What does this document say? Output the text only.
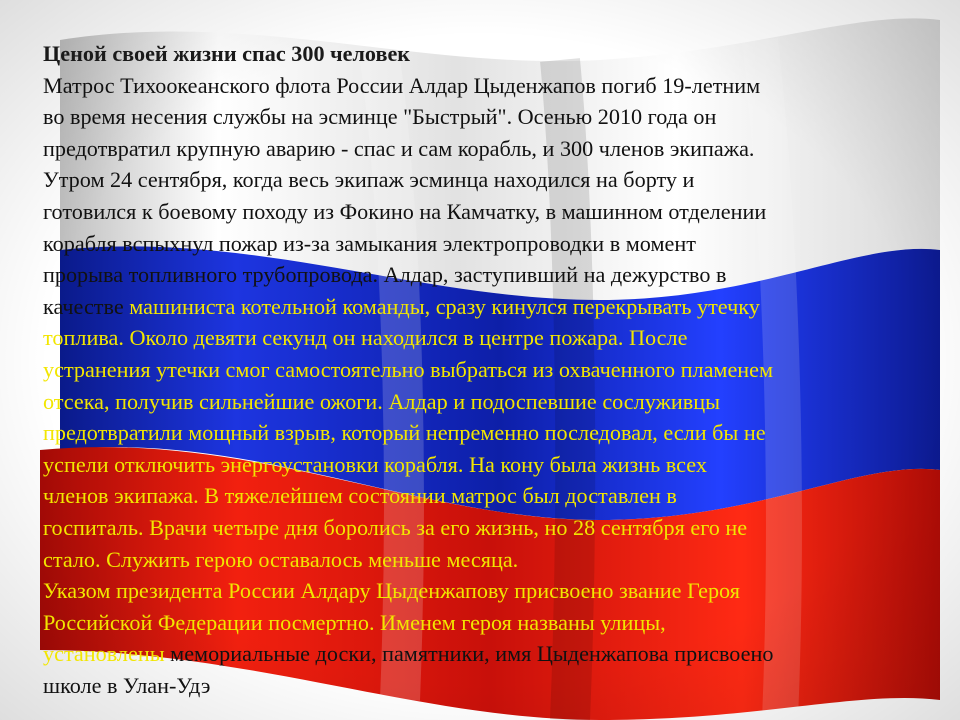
Ценой своей жизни спас 300 человек
Матрос Тихоокеанского флота России Алдар Цыденжапов погиб 19-летним
во время несения службы на эсминце "Быстрый". Осенью 2010 года он
предотвратил крупную аварию - спас и сам корабль, и 300 членов экипажа.
Утром 24 сентября, когда весь экипаж эсминца находился на борту и
готовился к боевому походу из Фокино на Камчатку, в машинном отделении
корабля вспыхнул пожар из-за замыкания электропроводки в момент
прорыва топливного трубопровода. Алдар, заступивший на дежурство в
качестве машиниста котельной команды, сразу кинулся перекрывать утечку
топлива. Около девяти секунд он находился в центре пожара. После
устранения утечки смог самостоятельно выбраться из охваченного пламенем
отсека, получив сильнейшие ожоги. Алдар и подоспевшие сослуживцы
предотвратили мощный взрыв, который непременно последовал, если бы не
успели отключить энергоустановки корабля. На кону была жизнь всех
членов экипажа. В тяжелейшем состоянии матрос был доставлен в
госпиталь. Врачи четыре дня боролись за его жизнь, но 28 сентября его не
стало. Служить герою оставалось меньше месяца.
Указом президента России Алдару Цыденжапову присвоено звание Героя
Российской Федерации посмертно. Именем героя названы улицы,
установлены мемориальные доски, памятники, имя Цыденжапова присвоено
школе в Улан-Удэ
